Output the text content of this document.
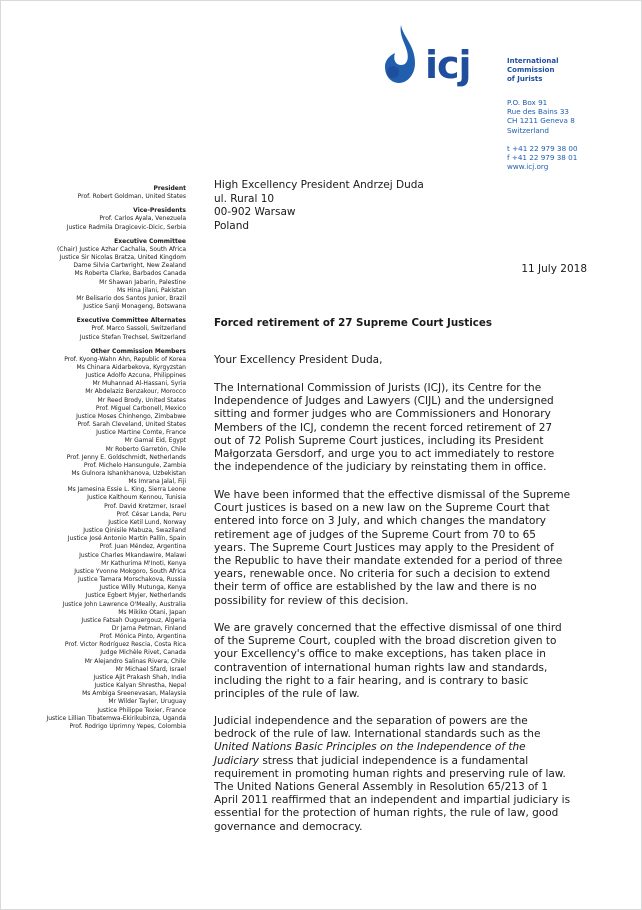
icj	International
Commission
of Jurists
P.O. Box 91
Rue des Bains 33
CH 1211 Geneva 8
Switzerland
t +41 22 979 38 00
f +41 22 979 38 01
www.icj.org
President
Prof. Robert Goldman, United States
Vice-Presidents
Prof. Carlos Ayala, Venezuela
Justice Radmila Dragicevic-Dicic, Serbia
Executive Committee
(Chair) Justice Azhar Cachalia, South Africa
Justice Sir Nicolas Bratza, United Kingdom
Dame Silvia Cartwright, New Zealand
Ms Roberta Clarke, Barbados Canada
Mr Shawan Jabarin, Palestine
Ms Hina Jilani, Pakistan
Mr Belisario dos Santos Junior, Brazil
Justice Sanji Monageng, Botswana
Executive Committee Alternates
Prof. Marco Sassoli, Switzerland
Justice Stefan Trechsel, Switzerland
Other Commission Members
Prof. Kyong-Wahn Ahn, Republic of Korea
Ms Chinara Aidarbekova, Kyrgyzstan
Justice Adolfo Azcuna, Philippines
Mr Muhannad Al-Hassani, Syria
Mr Abdelaziz Benzakour, Morocco
Mr Reed Brody, United States
Prof. Miguel Carbonell, Mexico
Justice Moses Chinhengo, Zimbabwe
Prof. Sarah Cleveland, United States
Justice Martine Comte, France
Mr Gamal Eid, Egypt
Mr Roberto Garretón, Chile
Prof. Jenny E. Goldschmidt, Netherlands
Prof. Michelo Hansungule, Zambia
Ms Gulnora Ishankhanova, Uzbekistan
Ms Imrana Jalal, Fiji
Ms Jamesina Essie L. King, Sierra Leone
Justice Kalthoum Kennou, Tunisia
Prof. David Kretzmer, Israel
Prof. César Landa, Peru
Justice Ketil Lund, Norway
Justice Qinisile Mabuza, Swaziland
Justice José Antonio Martín Pallín, Spain
Prof. Juan Méndez, Argentina
Justice Charles Mkandawire, Malawi
Mr Kathurima M'Inoti, Kenya
Justice Yvonne Mokgoro, South Africa
Justice Tamara Morschakova, Russia
Justice Willy Mutunga, Kenya
Justice Egbert Myjer, Netherlands
Justice John Lawrence O'Meally, Australia
Ms Mikiko Otani, Japan
Justice Fatsah Ouguergouz, Algeria
Dr Jarna Petman, Finland
Prof. Mónica Pinto, Argentina
Prof. Victor Rodríguez Rescia, Costa Rica
Judge Michèle Rivet, Canada
Mr Alejandro Salinas Rivera, Chile
Mr Michael Sfard, Israel
Justice Ajit Prakash Shah, India
Justice Kalyan Shrestha, Nepal
Ms Ambiga Sreenevasan, Malaysia
Mr Wilder Tayler, Uruguay
Justice Philippe Texier, France
Justice Lillian Tibatemwa-Ekirikubinza, Uganda
Prof. Rodrigo Uprimny Yepes, Colombia
High Excellency President Andrzej Duda
ul. Rural 10
00-902 Warsaw
Poland
11 July 2018
Forced retirement of 27 Supreme Court Justices
Your Excellency President Duda,
The International Commission of Jurists (ICJ), its Centre for the
Independence of Judges and Lawyers (CIJL) and the undersigned
sitting and former judges who are Commissioners and Honorary
Members of the ICJ, condemn the recent forced retirement of 27
out of 72 Polish Supreme Court justices, including its President
Małgorzata Gersdorf, and urge you to act immediately to restore
the independence of the judiciary by reinstating them in office.
We have been informed that the effective dismissal of the Supreme
Court justices is based on a new law on the Supreme Court that
entered into force on 3 July, and which changes the mandatory
retirement age of judges of the Supreme Court from 70 to 65
years. The Supreme Court Justices may apply to the President of
the Republic to have their mandate extended for a period of three
years, renewable once. No criteria for such a decision to extend
their term of office are established by the law and there is no
possibility for review of this decision.
We are gravely concerned that the effective dismissal of one third
of the Supreme Court, coupled with the broad discretion given to
your Excellency's office to make exceptions, has taken place in
contravention of international human rights law and standards,
including the right to a fair hearing, and is contrary to basic
principles of the rule of law.
Judicial independence and the separation of powers are the
bedrock of the rule of law. International standards such as the
United Nations Basic Principles on the Independence of the
Judiciary stress that judicial independence is a fundamental
requirement in promoting human rights and preserving rule of law.
The United Nations General Assembly in Resolution 65/213 of 1
April 2011 reaffirmed that an independent and impartial judiciary is
essential for the protection of human rights, the rule of law, good
governance and democracy.
